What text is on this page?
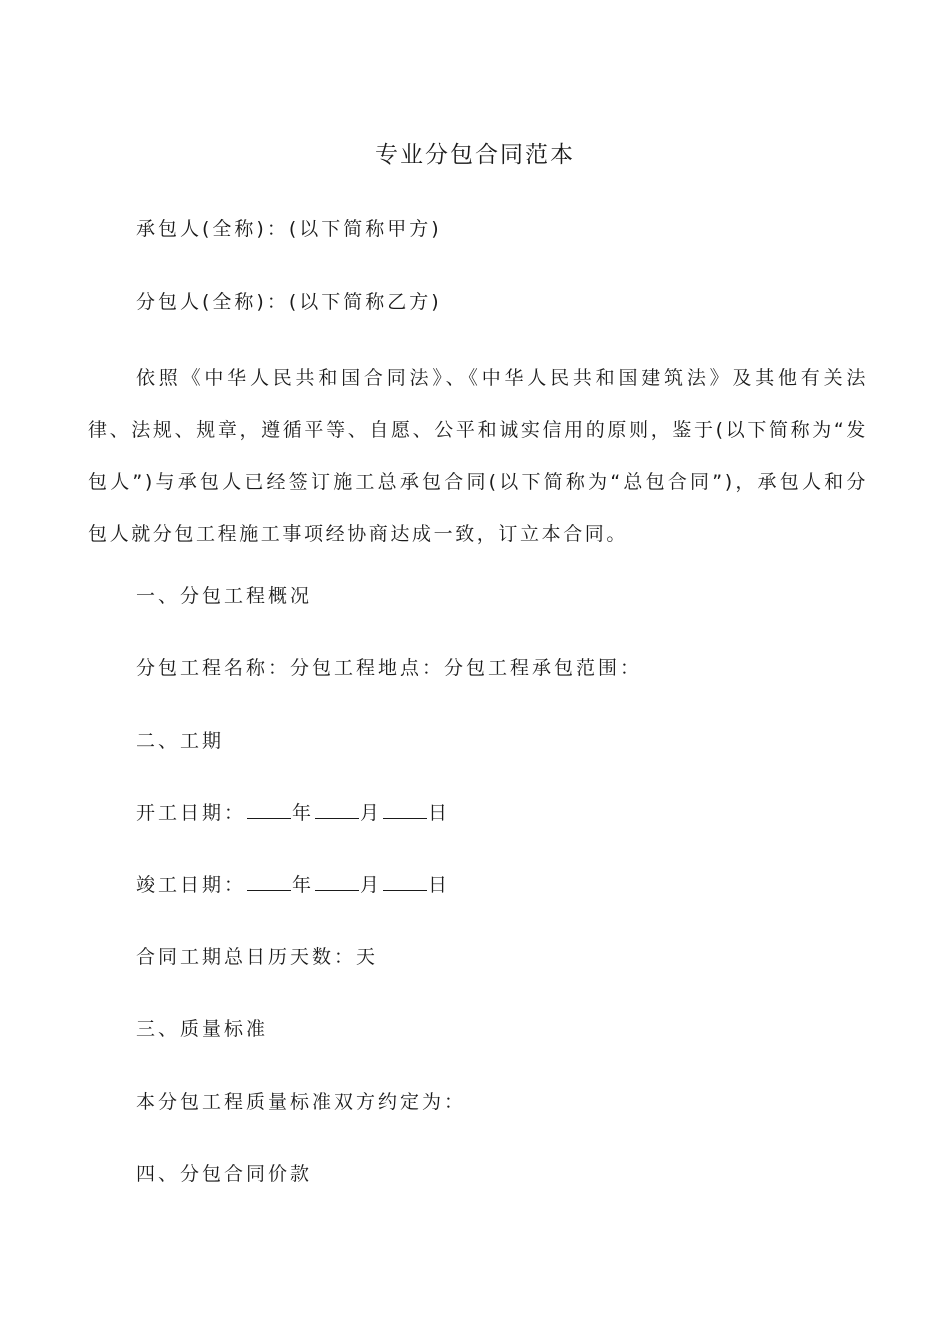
专业分包合同范本

承包人(全称)：(以下简称甲方)

分包人(全称)：(以下简称乙方)

依照《中华人民共和国合同法》、《中华人民共和国建筑法》及其他有关法律、法规、规章，遵循平等、自愿、公平和诚实信用的原则，鉴于(以下简称为“发包人”)与承包人已经签订施工总承包合同(以下简称为“总包合同”)，承包人和分包人就分包工程施工事项经协商达成一致，订立本合同。

一、分包工程概况

分包工程名称：分包工程地点：分包工程承包范围：

二、工期

开工日期： 年 月 日

竣工日期： 年 月 日

合同工期总日历天数：天

三、质量标准

本分包工程质量标准双方约定为：

四、分包合同价款
